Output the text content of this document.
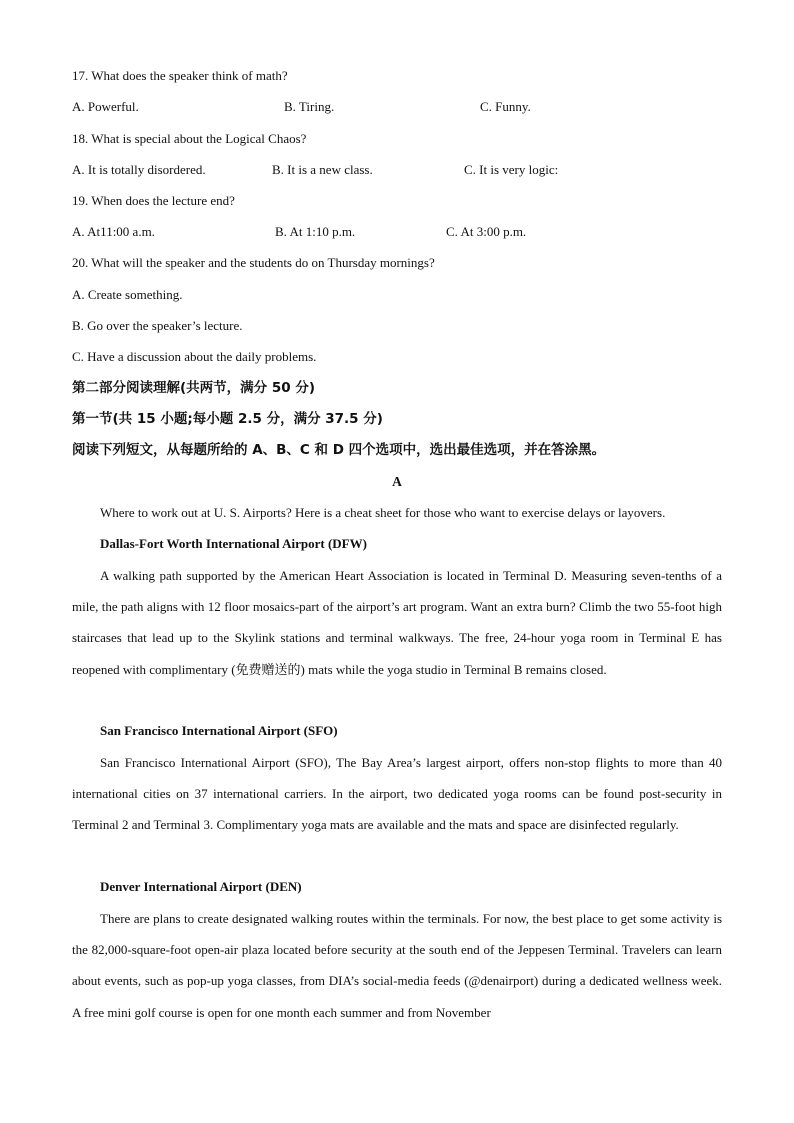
17. What does the speaker think of math?
A. Powerful.	B. Tiring.	C. Funny.
18. What is special about the Logical Chaos?
A. It is totally disordered.	B. It is a new class.	C. It is very logic:
19. When does the lecture end?
A. At11:00 a.m.	B. At 1:10 p.m.	C. At 3:00 p.m.
20. What will the speaker and the students do on Thursday mornings?
A. Create something.
B. Go over the speaker’s lecture.
C. Have a discussion about the daily problems.
第二部分阅读理解(共两节，满分 50 分)
第一节(共 15 小题;每小题 2.5 分，满分 37.5 分)
阅读下列短文，从每题所给的 A、B、C 和 D 四个选项中，选出最佳选项，并在答涂黑。
A
Where to work out at U. S. Airports? Here is a cheat sheet for those who want to exercise delays or layovers.
Dallas-Fort Worth International Airport (DFW)

A walking path supported by the American Heart Association is located in Terminal D. Measuring seven-tenths of a mile, the path aligns with 12 floor mosaics-part of the airport’s art program. Want an extra burn? Climb the two 55-foot high staircases that lead up to the Skylink stations and terminal walkways. The free, 24-hour yoga room in Terminal E has reopened with complimentary (免费赠送的) mats while the yoga studio in Terminal B remains closed.

San Francisco International Airport (SFO)

San Francisco International Airport (SFO), The Bay Area’s largest airport, offers non-stop flights to more than 40 international cities on 37 international carriers. In the airport, two dedicated yoga rooms can be found post-security in Terminal 2 and Terminal 3. Complimentary yoga mats are available and the mats and space are disinfected regularly.

Denver International Airport (DEN)

There are plans to create designated walking routes within the terminals. For now, the best place to get some activity is the 82,000-square-foot open-air plaza located before security at the south end of the Jeppesen Terminal. Travelers can learn about events, such as pop-up yoga classes, from DIA’s social-media feeds (@denairport) during a dedicated wellness week. A free mini golf course is open for one month each summer and from November
